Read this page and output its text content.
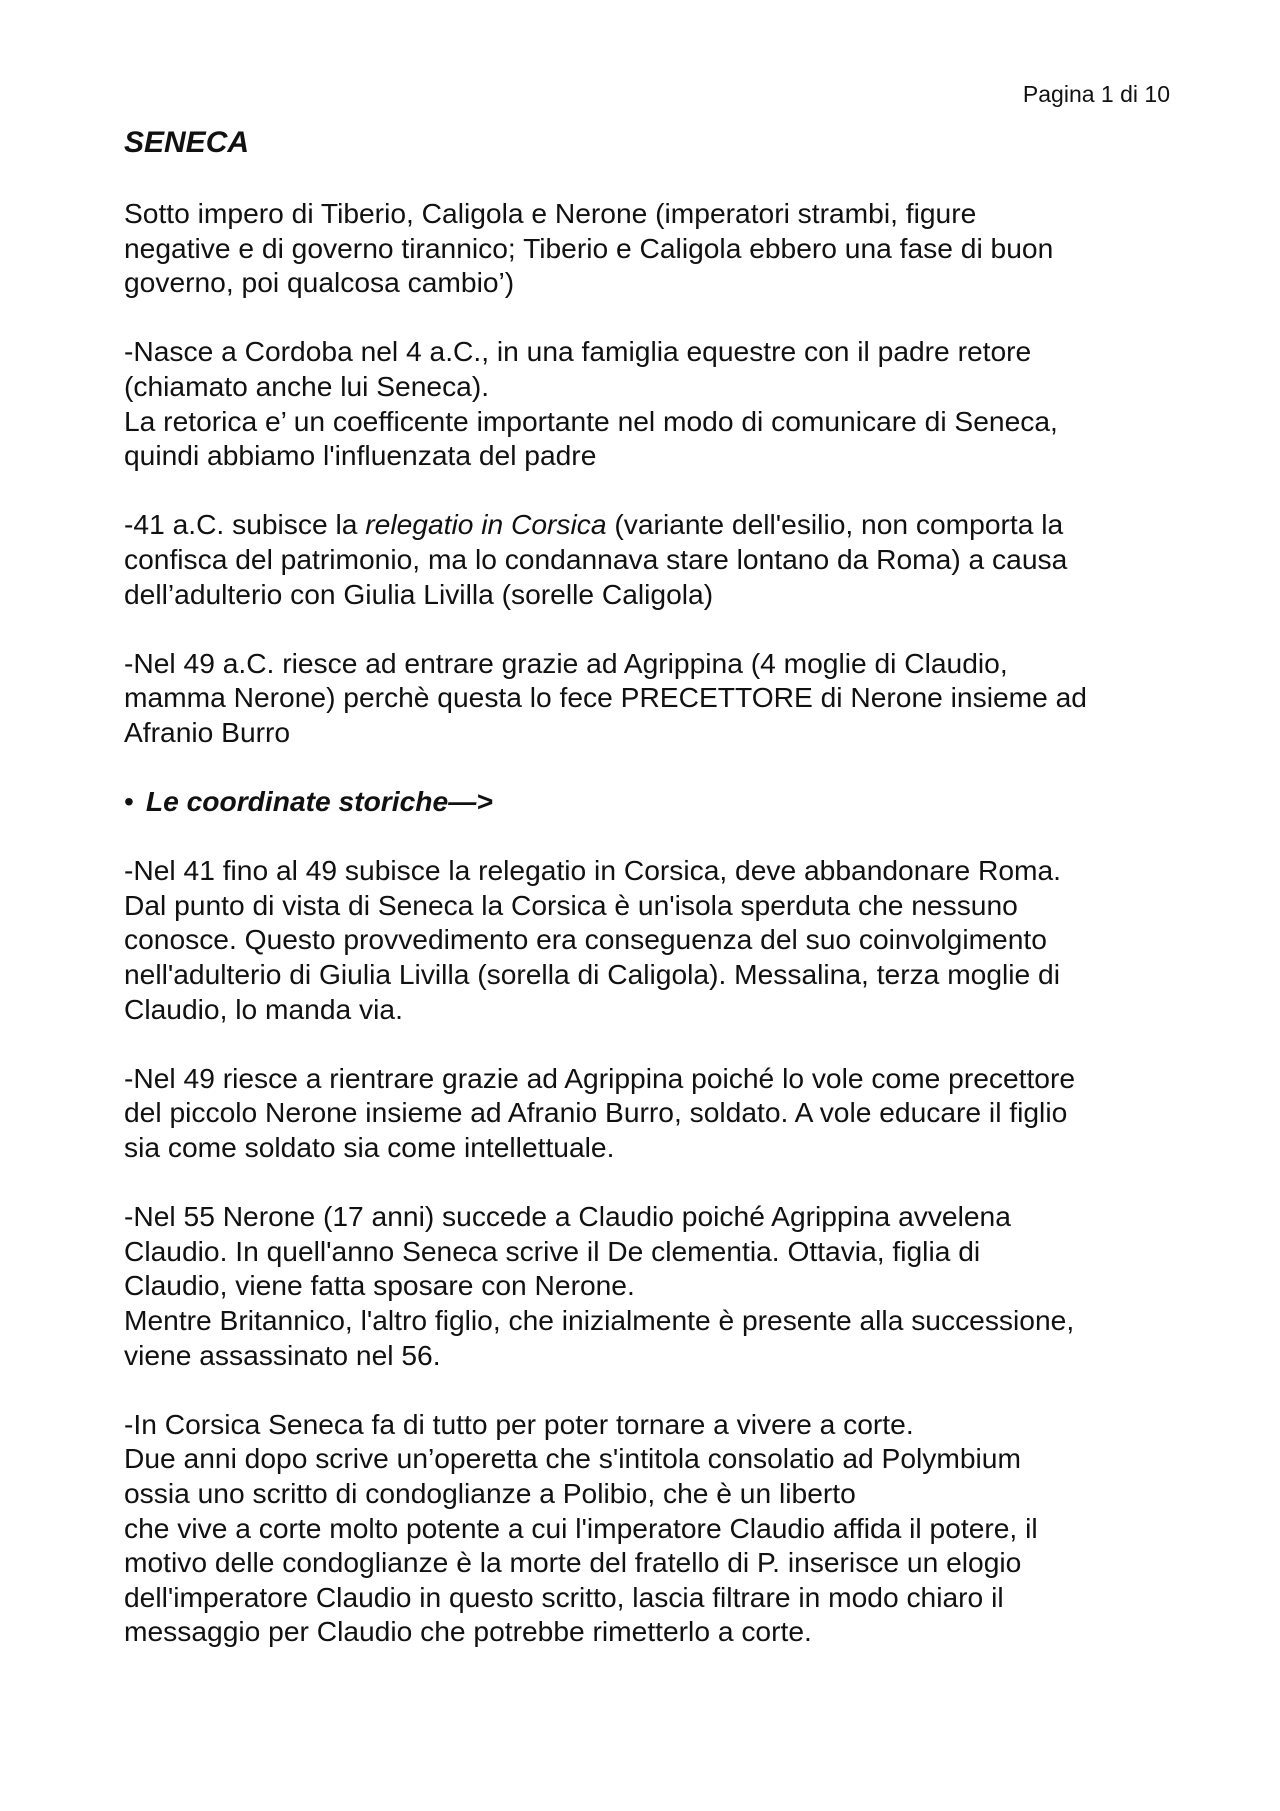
Pagina 1 di 10
SENECA
Sotto impero di Tiberio, Caligola e Nerone (imperatori strambi, figure
negative e di governo tirannico; Tiberio e Caligola ebbero una fase di buon
governo, poi qualcosa cambio’)
-Nasce a Cordoba nel 4 a.C., in una famiglia equestre con il padre retore
(chiamato anche lui Seneca).
La retorica e’ un coefficente importante nel modo di comunicare di Seneca,
quindi abbiamo l'influenzata del padre
-41 a.C. subisce la relegatio in Corsica (variante dell'esilio, non comporta la
confisca del patrimonio, ma lo condannava stare lontano da Roma) a causa
dell’adulterio con Giulia Livilla (sorelle Caligola)
-Nel 49 a.C. riesce ad entrare grazie ad Agrippina (4 moglie di Claudio,
mamma Nerone) perchè questa lo fece PRECETTORE di Nerone insieme ad
Afranio Burro
• Le coordinate storiche—>
-Nel 41 fino al 49 subisce la relegatio in Corsica, deve abbandonare Roma.
Dal punto di vista di Seneca la Corsica è un'isola sperduta che nessuno
conosce. Questo provvedimento era conseguenza del suo coinvolgimento
nell'adulterio di Giulia Livilla (sorella di Caligola). Messalina, terza moglie di
Claudio, lo manda via.
-Nel 49 riesce a rientrare grazie ad Agrippina poiché lo vole come precettore
del piccolo Nerone insieme ad Afranio Burro, soldato. A vole educare il figlio
sia come soldato sia come intellettuale.
-Nel 55 Nerone (17 anni) succede a Claudio poiché Agrippina avvelena
Claudio. In quell'anno Seneca scrive il De clementia. Ottavia, figlia di
Claudio, viene fatta sposare con Nerone.
Mentre Britannico, l'altro figlio, che inizialmente è presente alla successione,
viene assassinato nel 56.
-In Corsica Seneca fa di tutto per poter tornare a vivere a corte.
Due anni dopo scrive un’operetta che s'intitola consolatio ad Polymbium
ossia uno scritto di condoglianze a Polibio, che è un liberto
che vive a corte molto potente a cui l'imperatore Claudio affida il potere, il
motivo delle condoglianze è la morte del fratello di P. inserisce un elogio
dell'imperatore Claudio in questo scritto, lascia filtrare in modo chiaro il
messaggio per Claudio che potrebbe rimetterlo a corte.
